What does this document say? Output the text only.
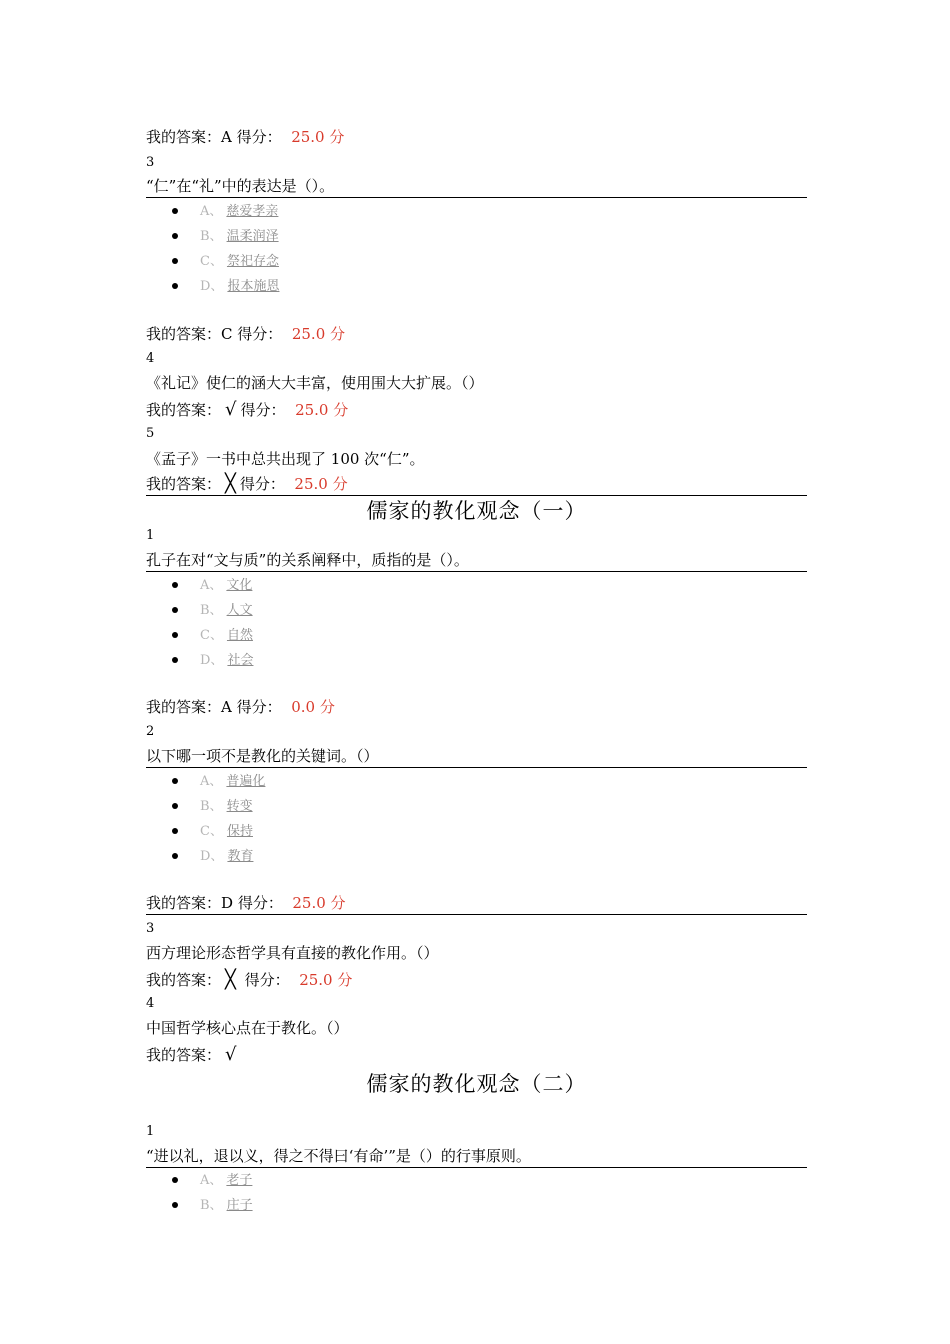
我的答案：A 得分： 25.0 分
3
“仁”在“礼”中的表达是（）。
A、 慈爱孝亲
B、 温柔润泽
C、 祭祀存念
D、 报本施恩
我的答案：C 得分： 25.0 分
4
《礼记》使仁的涵大大丰富，使用围大大扩展。（）
我的答案： √ 得分： 25.0 分
5
《孟子》一书中总共出现了 100 次“仁”。
我的答案： ╳ 得分： 25.0 分
儒家的教化观念（一）
1
孔子在对“文与质”的关系阐释中，质指的是（）。
A、 文化
B、 人文
C、 自然
D、 社会
我的答案：A 得分： 0.0 分
2
以下哪一项不是教化的关键词。（）
A、 普遍化
B、 转变
C、 保持
D、 教育
我的答案：D 得分： 25.0 分
3
西方理论形态哲学具有直接的教化作用。（）
我的答案： ╳ 得分： 25.0 分
4
中国哲学核心点在于教化。（）
我的答案： √
儒家的教化观念（二）
1
“进以礼，退以义，得之不得曰‘有命’”是（）的行事原则。
A、 老子
B、 庄子
